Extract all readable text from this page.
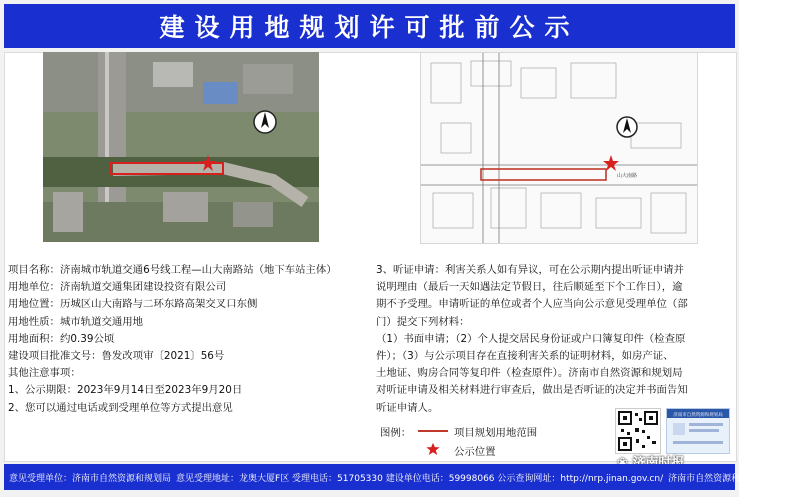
建设用地规划许可批前公示
山大南路
项目名称：济南城市轨道交通6号线工程—山大南路站（地下车站主体）
用地单位：济南轨道交通集团建设投资有限公司
用地位置：历城区山大南路与二环东路高架交叉口东侧
用地性质：城市轨道交通用地
用地面积：约0.39公顷
建设项目批准文号：鲁发改项审〔2021〕56号
其他注意事项：
1、公示期限：2023年9月14日至2023年9月20日
2、您可以通过电话或到受理单位等方式提出意见
3、听证申请：利害关系人如有异议，可在公示期内提出听证申请并
说明理由（最后一天如遇法定节假日，往后顺延至下个工作日），逾
期不予受理。申请听证的单位或者个人应当向公示意见受理单位（部
门）提交下列材料：
（1）书面申请；（2）个人提交居民身份证或户口簿复印件（检查原
件）；（3）与公示项目存在直接利害关系的证明材料，如房产证、
土地证、购房合同等复印件（检查原件）。济南市自然资源和规划局
对听证申请及相关材料进行审查后，做出是否听证的决定并书面告知
听证申请人。
图例：	项目规划用地范围
公示位置
济南市自然资源和规划局
意见受理单位：济南市自然资源和规划局 意见受理地址：龙奥大厦F区 受理电话：51705330 建设单位电话：59998066 公示查询网址：http://nrp.jinan.gov.cn/ 济南市自然资源和规划局监制
